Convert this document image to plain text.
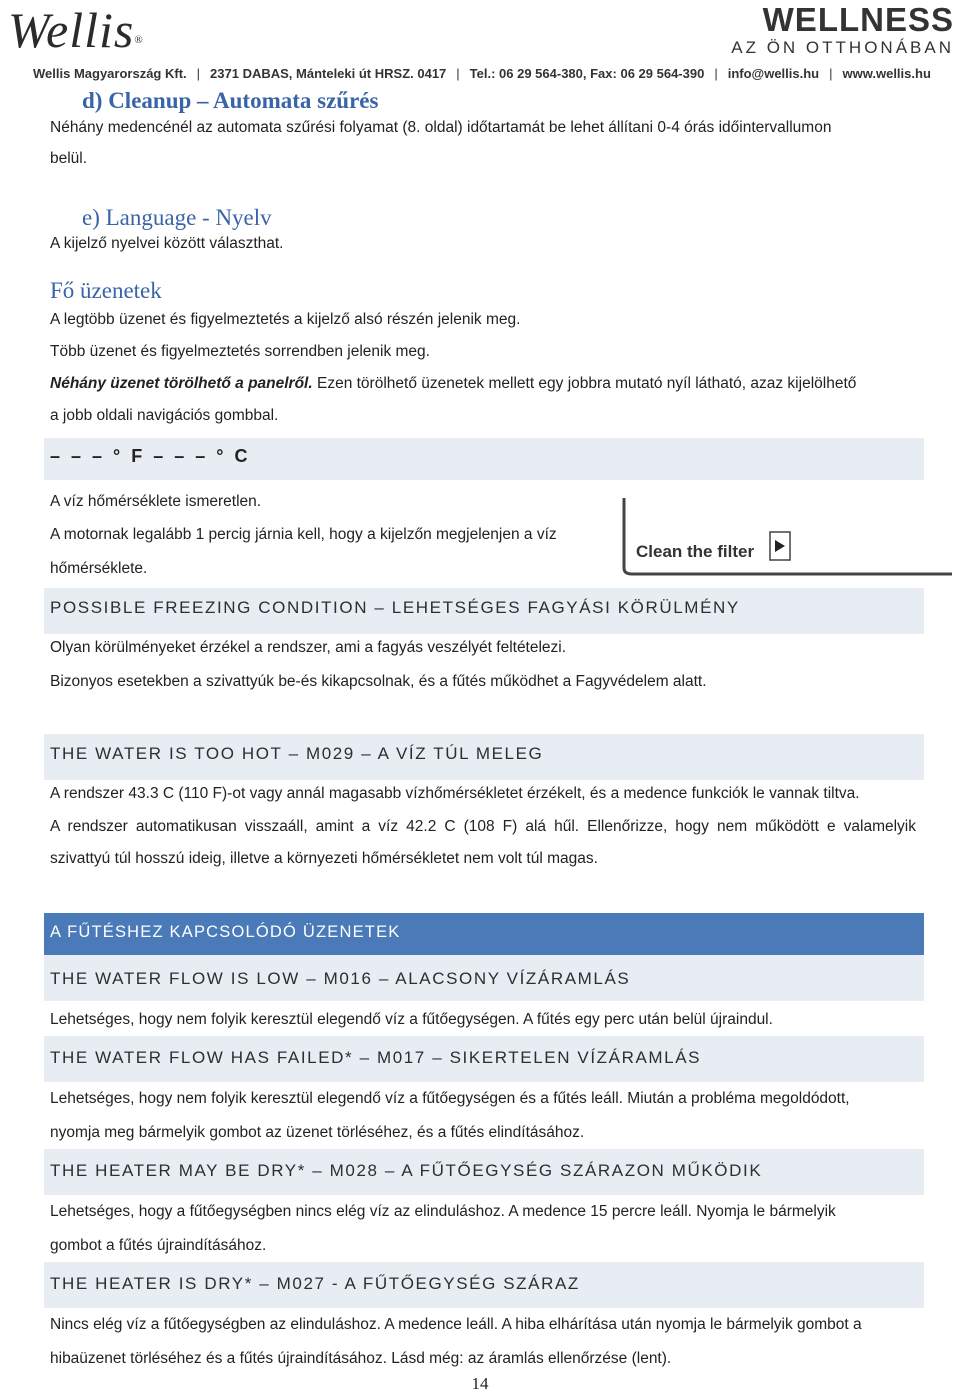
Wellis®
WELLNESS
AZ ÖN OTTHONÁBAN
Wellis Magyarország Kft. | 2371 DABAS, Mánteleki út HRSZ. 0417 | Tel.: 06 29 564-380, Fax: 06 29 564-390 | info@wellis.hu | www.wellis.hu
d) Cleanup – Automata szűrés
Néhány medencénél az automata szűrési folyamat (8. oldal) időtartamát be lehet állítani 0-4 órás időintervallumon
belül.
e) Language - Nyelv
A kijelző nyelvei között választhat.
Fő üzenetek
A legtöbb üzenet és figyelmeztetés a kijelző alsó részén jelenik meg.
Több üzenet és figyelmeztetés sorrendben jelenik meg.
Néhány üzenet törölhető a panelről. Ezen törölhető üzenetek mellett egy jobbra mutató nyíl látható, azaz kijelölhető
a jobb oldali navigációs gombbal.
– – – ° F – – – ° C
A víz hőmérséklete ismeretlen.
A motornak legalább 1 percig járnia kell, hogy a kijelzőn megjelenjen a víz
hőmérséklete.
Clean the filter
POSSIBLE FREEZING CONDITION – LEHETSÉGES FAGYÁSI KÖRÜLMÉNY
Olyan körülményeket érzékel a rendszer, ami a fagyás veszélyét feltételezi.
Bizonyos esetekben a szivattyúk be-és kikapcsolnak, és a fűtés működhet a Fagyvédelem alatt.
THE WATER IS TOO HOT – M029 – A VÍZ TÚL MELEG
A rendszer 43.3 C (110 F)-ot vagy annál magasabb vízhőmérsékletet érzékelt, és a medence funkciók le vannak tiltva.
A rendszer automatikusan visszaáll, amint a víz 42.2 C (108 F) alá hűl. Ellenőrizze, hogy nem működött e valamelyik
szivattyú túl hosszú ideig, illetve a környezeti hőmérsékletet nem volt túl magas.
A FŰTÉSHEZ KAPCSOLÓDÓ ÜZENETEK
THE WATER FLOW IS LOW – M016 – ALACSONY VÍZÁRAMLÁS
Lehetséges, hogy nem folyik keresztül elegendő víz a fűtőegységen. A fűtés egy perc után belül újraindul.
THE WATER FLOW HAS FAILED* – M017 – SIKERTELEN VÍZÁRAMLÁS
Lehetséges, hogy nem folyik keresztül elegendő víz a fűtőegységen és a fűtés leáll. Miután a probléma megoldódott,
nyomja meg bármelyik gombot az üzenet törléséhez, és a fűtés elindításához.
THE HEATER MAY BE DRY* – M028 – A FŰTŐEGYSÉG SZÁRAZON MŰKÖDIK
Lehetséges, hogy a fűtőegységben nincs elég víz az elinduláshoz. A medence 15 percre leáll. Nyomja le bármelyik
gombot a fűtés újraindításához.
THE HEATER IS DRY* – M027 - A FŰTŐEGYSÉG SZÁRAZ
Nincs elég víz a fűtőegységben az elinduláshoz. A medence leáll. A hiba elhárítása után nyomja le bármelyik gombot a
hibaüzenet törléséhez és a fűtés újraindításához. Lásd még: az áramlás ellenőrzése (lent).
14
